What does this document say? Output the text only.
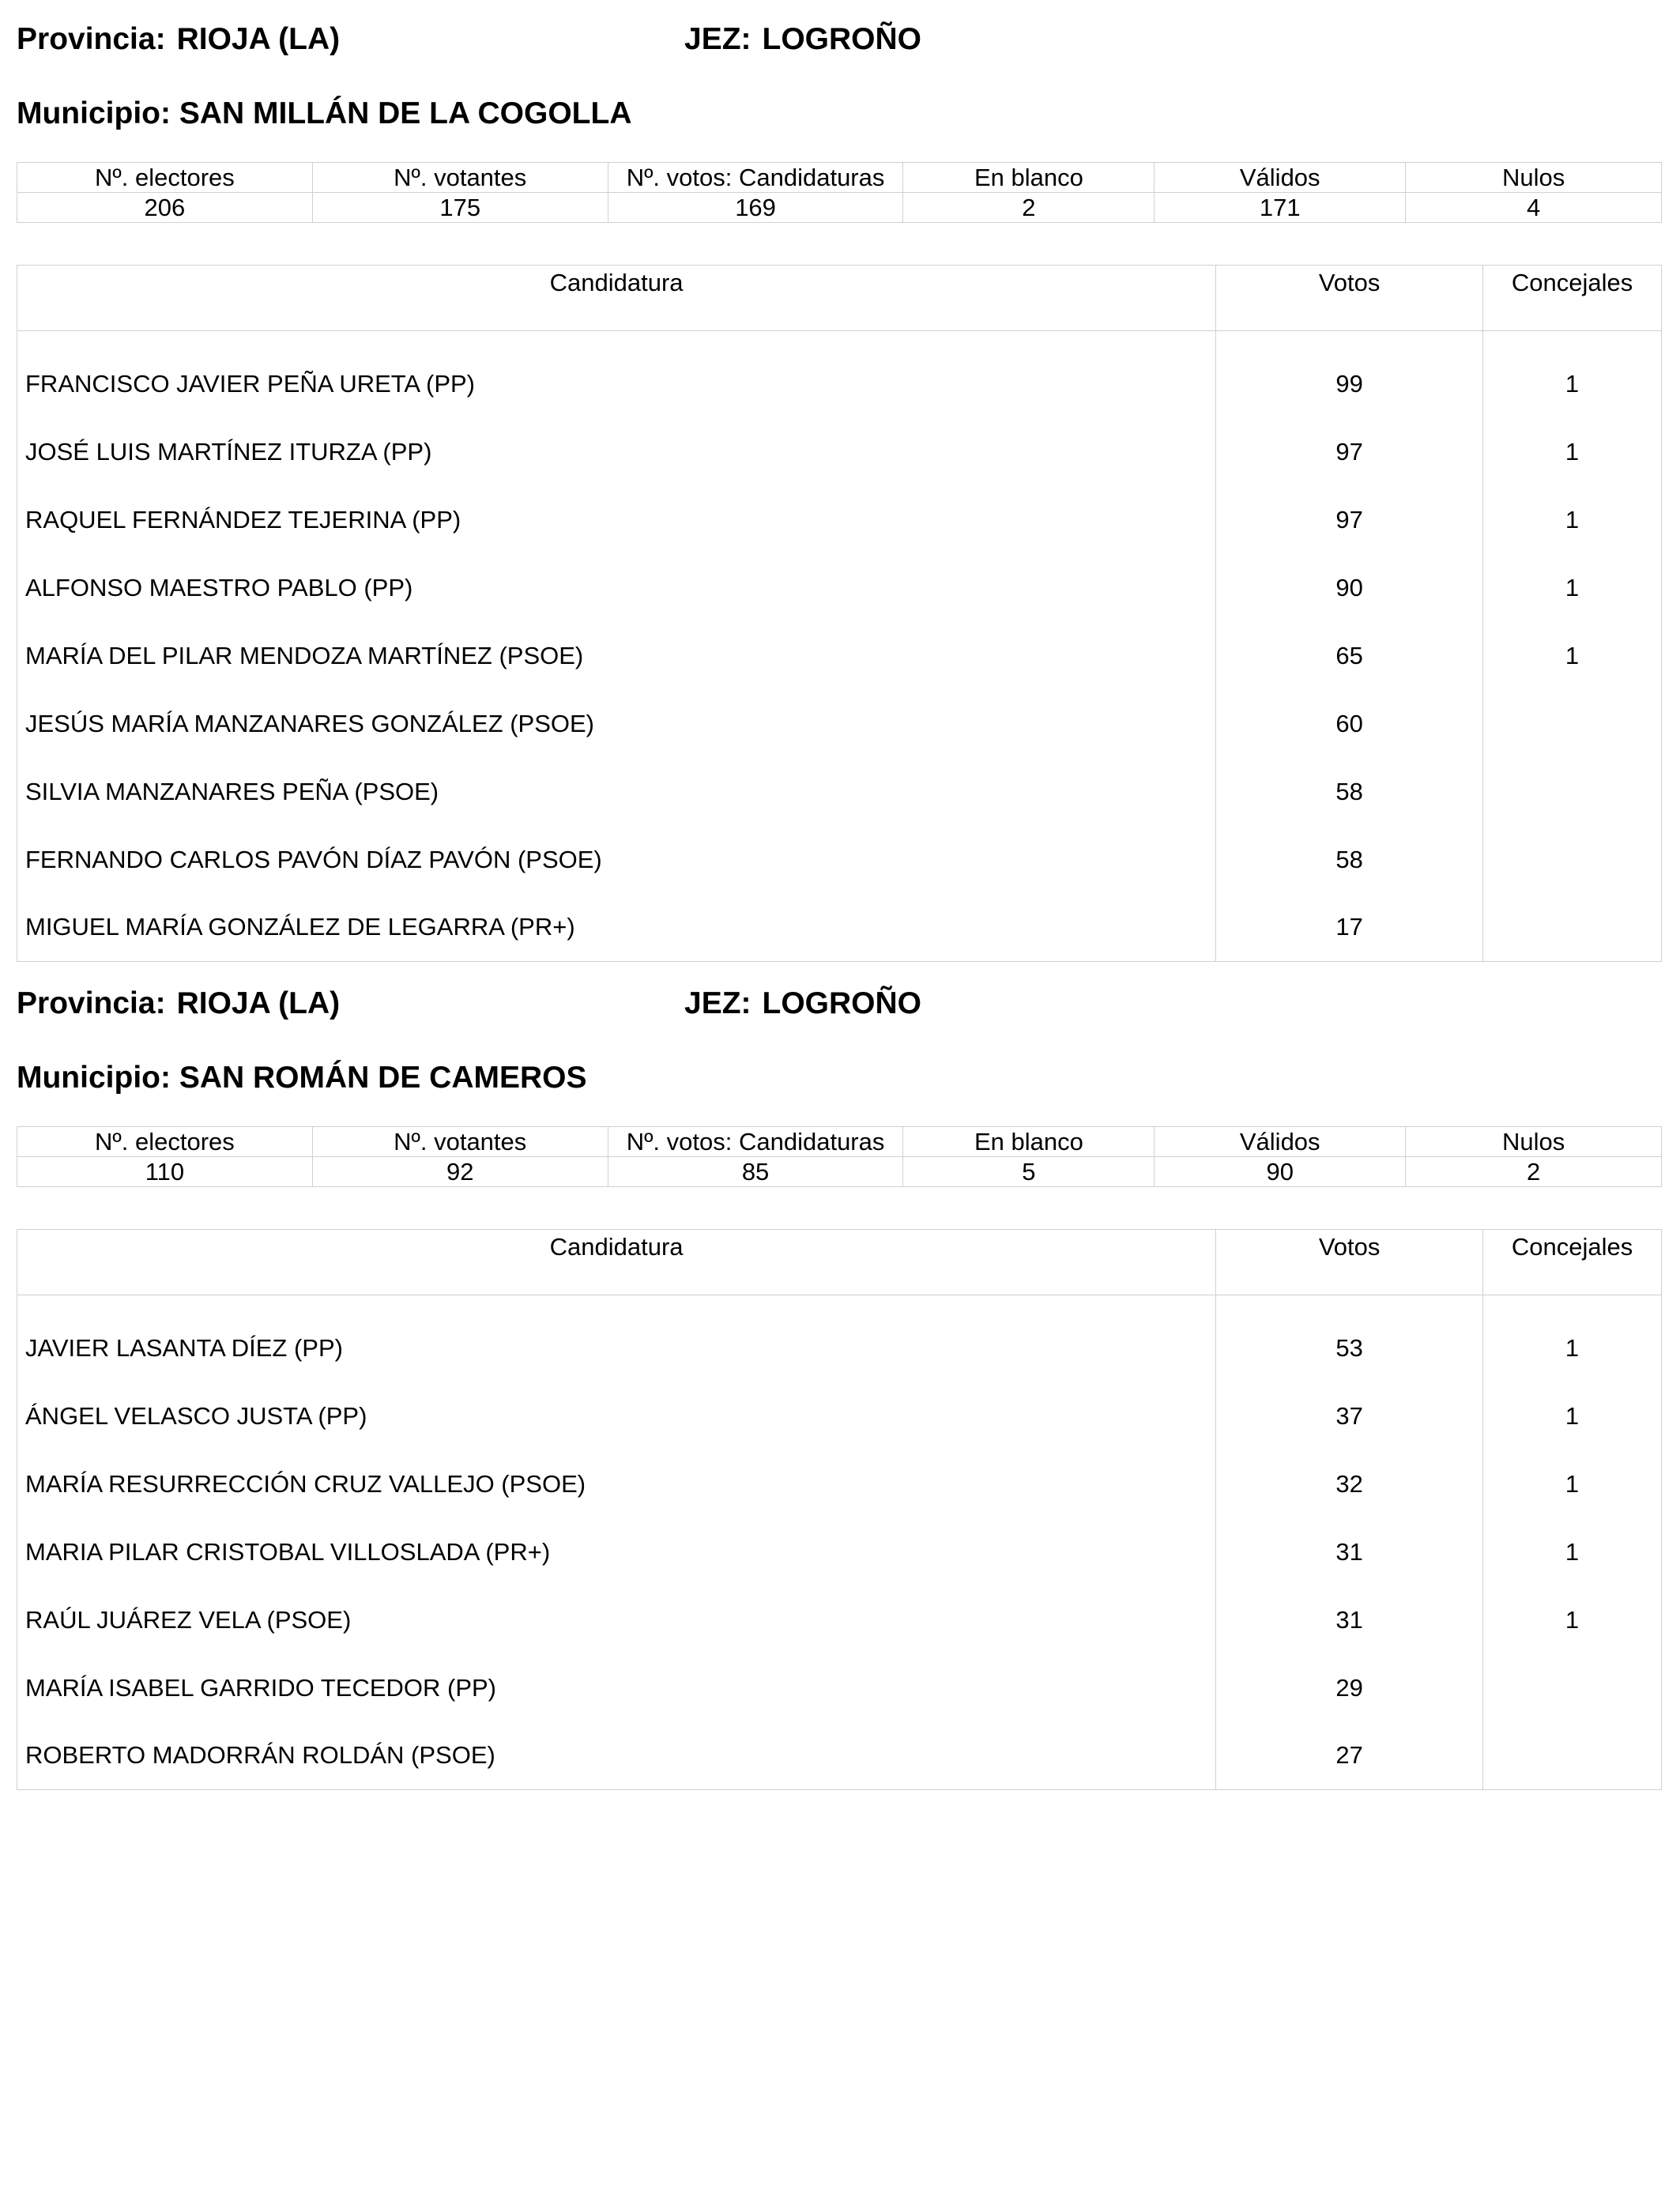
Provincia: RIOJA (LA)	JEZ: LOGROÑO
Municipio: SAN MILLÁN DE LA COGOLLA
Nº. electores	Nº. votantes	Nº. votos: Candidaturas	En blanco	Válidos	Nulos
206	175	169	2	171	4
Candidatura	Votos	Concejales
FRANCISCO JAVIER PEÑA URETA (PP)	99	1
JOSÉ LUIS MARTÍNEZ ITURZA (PP)	97	1
RAQUEL FERNÁNDEZ TEJERINA (PP)	97	1
ALFONSO MAESTRO PABLO (PP)	90	1
MARÍA DEL PILAR MENDOZA MARTÍNEZ (PSOE)	65	1
JESÚS MARÍA MANZANARES GONZÁLEZ (PSOE)	60	
SILVIA MANZANARES PEÑA (PSOE)	58	
FERNANDO CARLOS PAVÓN DÍAZ PAVÓN (PSOE)	58	
MIGUEL MARÍA GONZÁLEZ DE LEGARRA (PR+)	17	
Provincia: RIOJA (LA)	JEZ: LOGROÑO
Municipio: SAN ROMÁN DE CAMEROS
Nº. electores	Nº. votantes	Nº. votos: Candidaturas	En blanco	Válidos	Nulos
110	92	85	5	90	2
Candidatura	Votos	Concejales
JAVIER LASANTA DÍEZ (PP)	53	1
ÁNGEL VELASCO JUSTA (PP)	37	1
MARÍA RESURRECCIÓN CRUZ VALLEJO (PSOE)	32	1
MARIA PILAR CRISTOBAL VILLOSLADA (PR+)	31	1
RAÚL JUÁREZ VELA (PSOE)	31	1
MARÍA ISABEL GARRIDO TECEDOR (PP)	29	
ROBERTO MADORRÁN ROLDÁN (PSOE)	27	
